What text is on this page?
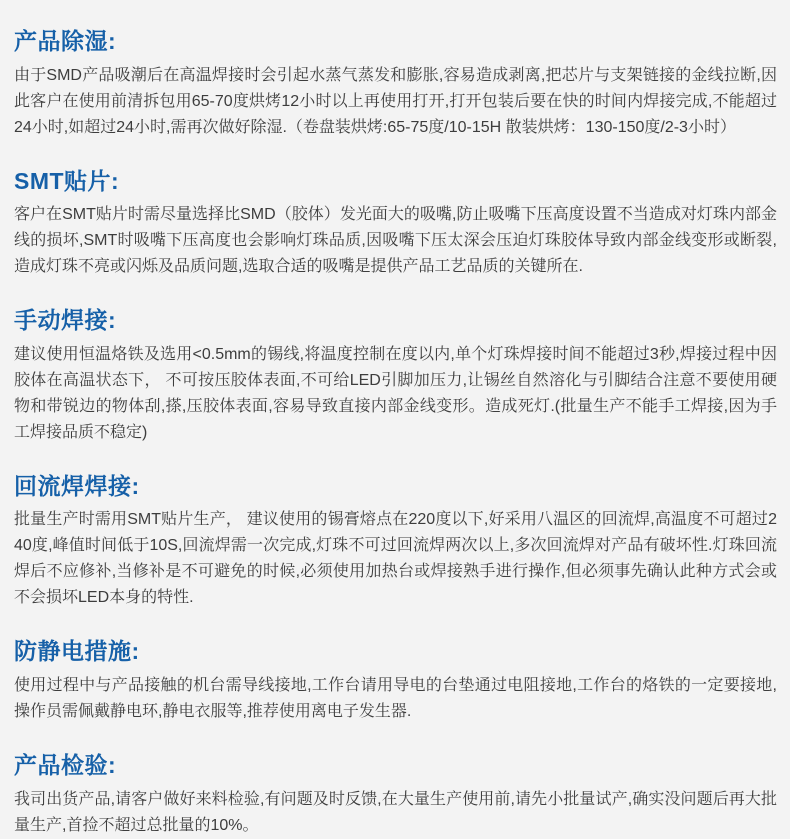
产品除湿:

由于SMD产品吸潮后在高温焊接时会引起水蒸气蒸发和膨胀,容易造成剥离,把芯片与支架链接的金线拉断,因此客户在使用前清拆包用65-70度烘烤12小时以上再使用打开,打开包装后要在快的时间内焊接完成,不能超过24小时,如超过24小时,需再次做好除湿.（卷盘装烘烤:65-75度/10-15H 散装烘烤：130-150度/2-3小时）

SMT贴片:

客户在SMT贴片时需尽量选择比SMD（胶体）发光面大的吸嘴,防止吸嘴下压高度设置不当造成对灯珠内部金线的损坏,SMT时吸嘴下压高度也会影响灯珠品质,因吸嘴下压太深会压迫灯珠胶体导致内部金线变形或断裂,造成灯珠不亮或闪烁及品质问题,选取合适的吸嘴是提供产品工艺品质的关键所在.

手动焊接:

建议使用恒温烙铁及选用<0.5mm的锡线,将温度控制在度以内,单个灯珠焊接时间不能超过3秒,焊接过程中因胶体在高温状态下， 不可按压胶体表面,不可给LED引脚加压力,让锡丝自然溶化与引脚结合注意不要使用硬物和带锐边的物体刮,搽,压胶体表面,容易导致直接内部金线变形。造成死灯.(批量生产不能手工焊接,因为手工焊接品质不稳定)

回流焊焊接:

批量生产时需用SMT贴片生产， 建议使用的锡膏熔点在220度以下,好采用八温区的回流焊,高温度不可超过240度,峰值时间低于10S,回流焊需一次完成,灯珠不可过回流焊两次以上,多次回流焊对产品有破坏性.灯珠回流焊后不应修补,当修补是不可避免的时候,必须使用加热台或焊接熟手进行操作,但必须事先确认此种方式会或不会损坏LED本身的特性.

防静电措施:

使用过程中与产品接触的机台需导线接地,工作台请用导电的台垫通过电阻接地,工作台的烙铁的一定要接地,操作员需佩戴静电环,静电衣服等,推荐使用离电子发生器.

产品检验:

我司出货产品,请客户做好来料检验,有问题及时反馈,在大量生产使用前,请先小批量试产,确实没问题后再大批量生产,首捡不超过总批量的10%。
